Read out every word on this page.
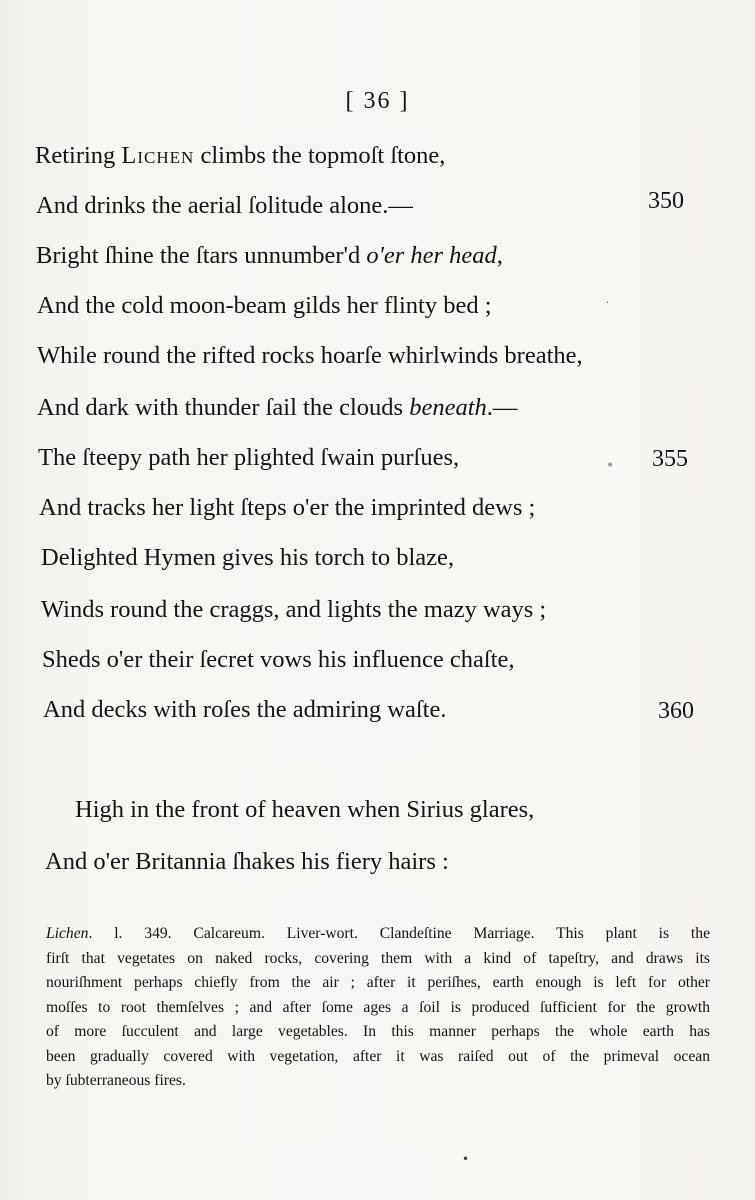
[ 36 ]
Retiring Lichen climbs the topmoſt ſtone,
And drinks the aerial ſolitude alone.—	350
Bright ſhine the ſtars unnumber'd o'er her head,
And the cold moon-beam gilds her flinty bed ;
While round the rifted rocks hoarſe whirlwinds breathe,
And dark with thunder ſail the clouds beneath.—
The ſteepy path her plighted ſwain purſues,	355
And tracks her light ſteps o'er the imprinted dews ;
Delighted Hymen gives his torch to blaze,
Winds round the craggs, and lights the mazy ways ;
Sheds o'er their ſecret vows his influence chaſte,
And decks with roſes the admiring waſte.	360
High in the front of heaven when Sirius glares,
And o'er Britannia ſhakes his fiery hairs :
Lichen. l. 349. Calcareum. Liver-wort. Clandeſtine Marriage. This plant is the
firſt that vegetates on naked rocks, covering them with a kind of tapeſtry, and draws its
nouriſhment perhaps chiefly from the air ; after it periſhes, earth enough is left for other
moſſes to root themſelves ; and after ſome ages a ſoil is produced ſufficient for the growth
of more ſucculent and large vegetables. In this manner perhaps the whole earth has
been gradually covered with vegetation, after it was raiſed out of the primeval ocean
by ſubterraneous fires.
·
•
•
